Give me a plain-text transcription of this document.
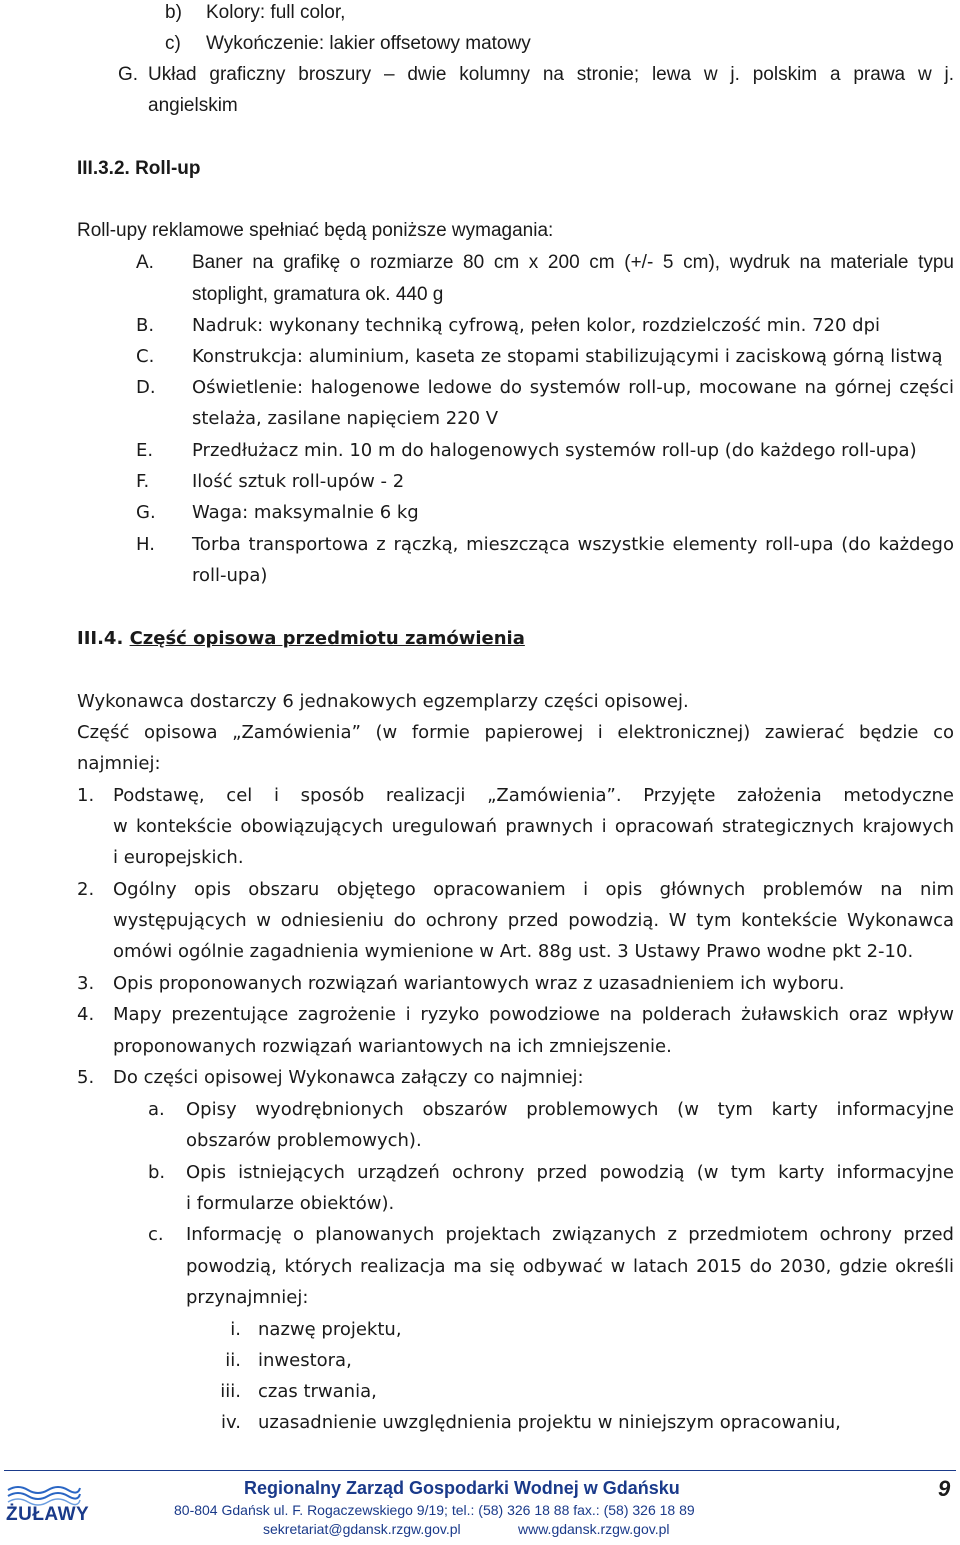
b) Kolory: full color,
c) Wykończenie: lakier offsetowy matowy
G. Układ graficzny broszury – dwie kolumny na stronie; lewa w j. polskim a prawa w j.
angielskim
III.3.2. Roll-up
Roll-upy reklamowe spełniać będą poniższe wymagania:
A. Baner na grafikę o rozmiarze 80 cm x 200 cm (+/- 5 cm), wydruk na materiale typu
stoplight, gramatura ok. 440 g
B. Nadruk: wykonany techniką cyfrową, pełen kolor, rozdzielczość min. 720 dpi
C. Konstrukcja: aluminium, kaseta ze stopami stabilizującymi i zaciskową górną listwą
D. Oświetlenie: halogenowe ledowe do systemów roll-up, mocowane na górnej części
stelaża, zasilane napięciem 220 V
E. Przedłużacz min. 10 m do halogenowych systemów roll-up (do każdego roll-upa)
F. Ilość sztuk roll-upów - 2
G. Waga: maksymalnie 6 kg
H. Torba transportowa z rączką, mieszcząca wszystkie elementy roll-upa (do każdego
roll-upa)
III.4. Część opisowa przedmiotu zamówienia
Wykonawca dostarczy 6 jednakowych egzemplarzy części opisowej.
Część opisowa „Zamówienia” (w formie papierowej i elektronicznej) zawierać będzie co
najmniej:
1. Podstawę, cel i sposób realizacji „Zamówienia”. Przyjęte założenia metodyczne
w kontekście obowiązujących uregulowań prawnych i opracowań strategicznych krajowych
i europejskich.
2. Ogólny opis obszaru objętego opracowaniem i opis głównych problemów na nim
występujących w odniesieniu do ochrony przed powodzią. W tym kontekście Wykonawca
omówi ogólnie zagadnienia wymienione w Art. 88g ust. 3 Ustawy Prawo wodne pkt 2-10.
3. Opis proponowanych rozwiązań wariantowych wraz z uzasadnieniem ich wyboru.
4. Mapy prezentujące zagrożenie i ryzyko powodziowe na polderach żuławskich oraz wpływ
proponowanych rozwiązań wariantowych na ich zmniejszenie.
5. Do części opisowej Wykonawca załączy co najmniej:
a. Opisy wyodrębnionych obszarów problemowych (w tym karty informacyjne
obszarów problemowych).
b. Opis istniejących urządzeń ochrony przed powodzią (w tym karty informacyjne
i formularze obiektów).
c. Informację o planowanych projektach związanych z przedmiotem ochrony przed
powodzią, których realizacja ma się odbywać w latach 2015 do 2030, gdzie określi
przynajmniej:
i. nazwę projektu,
ii. inwestora,
iii. czas trwania,
iv. uzasadnienie uwzględnienia projektu w niniejszym opracowaniu,
ŻUŁAWY
Regionalny Zarząd Gospodarki Wodnej w Gdańsku
80-804 Gdańsk ul. F. Rogaczewskiego 9/19; tel.: (58) 326 18 88 fax.: (58) 326 18 89
sekretariat@gdansk.rzgw.gov.pl	www.gdansk.rzgw.gov.pl
9
